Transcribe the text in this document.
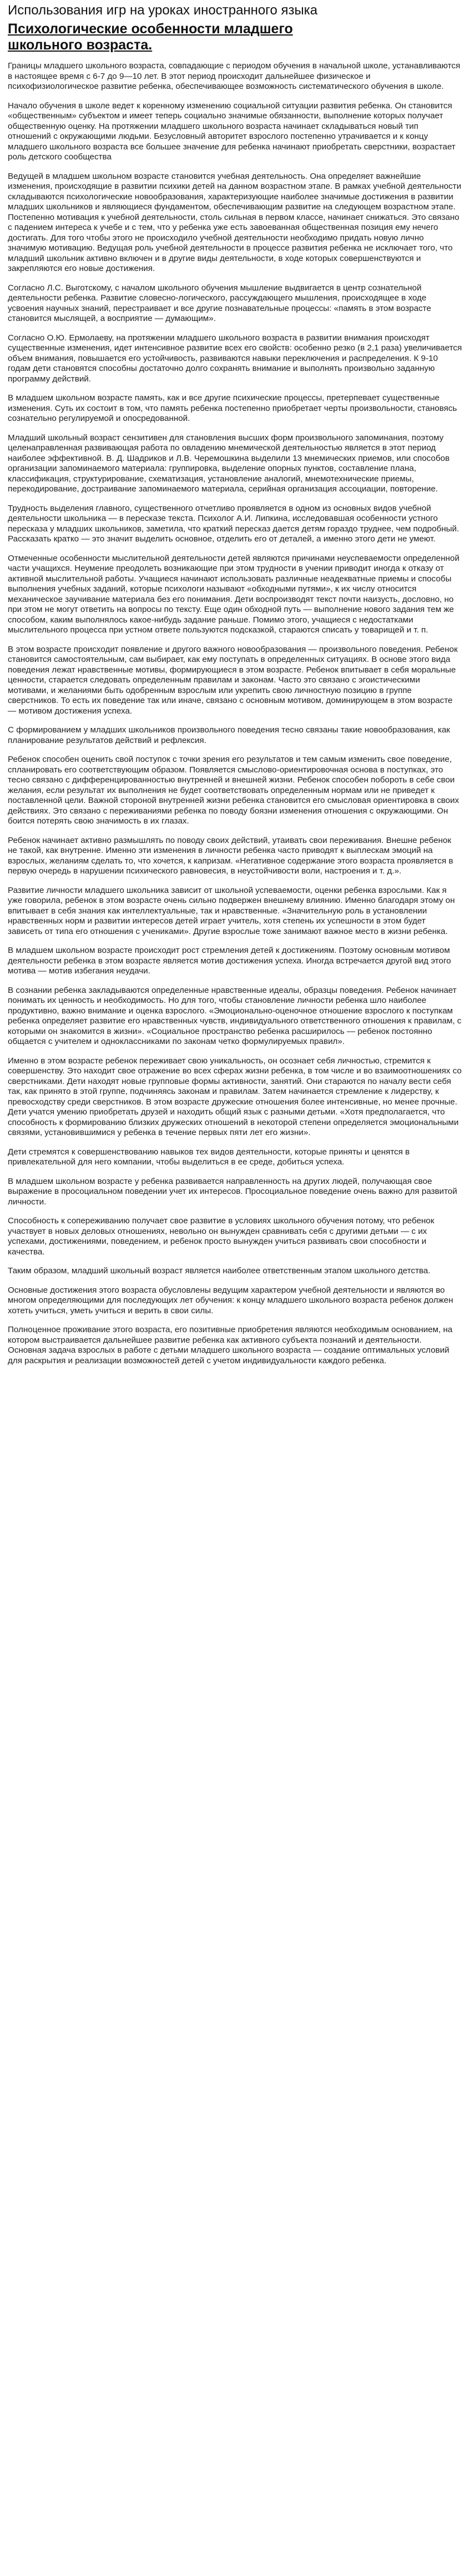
Использования игр на уроках иностранного языка
Психологические особенности младшего школьного возраста.

Границы младшего школьного возраста, совпадающие с периодом обучения в начальной школе, устанавливаются в настоящее время с 6-7 до 9—10 лет. В этот период происходит дальнейшее физическое и психофизиологическое развитие ребенка, обеспечивающее возможность систематического обучения в школе.

Начало обучения в школе ведет к коренному изменению социальной ситуации развития ребенка. Он становится «общественным» субъектом и имеет теперь социально значимые обязанности, выполнение которых получает общественную оценку. На протяжении младшего школьного возраста начинает складываться новый тип отношений с окружающими людьми. Безусловный авторитет взрослого постепенно утрачивается и к концу младшего школьного возраста все большее значение для ребенка начинают приобретать сверстники, возрастает роль детского сообщества

Ведущей в младшем школьном возрасте становится учебная деятельность. Она определяет важнейшие изменения, происходящие в развитии психики детей на данном возрастном этапе. В рамках учебной деятельности складываются психологические новообразования, характеризующие наиболее значимые достижения в развитии младших школьников и являющиеся фундаментом, обеспечивающим развитие на следующем возрастном этапе. Постепенно мотивация к учебной деятельности, столь сильная в первом классе, начинает снижаться. Это связано с падением интереса к учебе и с тем, что у ребенка уже есть завоеванная общественная позиция ему нечего достигать. Для того чтобы этого не происходило учебной деятельности необходимо придать новую лично значимую мотивацию. Ведущая роль учебной деятельности в процессе развития ребенка не исключает того, что младший школьник активно включен и в другие виды деятельности, в ходе которых совершенствуются и закрепляются его новые достижения.

Согласно Л.С. Выготскому, с началом школьного обучения мышление выдвигается в центр сознательной деятельности ребенка. Развитие словесно-логического, рассуждающего мышления, происходящее в ходе усвоения научных знаний, перестраивает и все другие познавательные процессы: «память в этом возрасте становится мыслящей, а восприятие — думающим».

Согласно О.Ю. Ермолаеву, на протяжении младшего школьного возраста в развитии внимания происходят существенные изменения, идет интенсивное развитие всех его свойств: особенно резко (в 2,1 раза) увеличивается объем внимания, повышается его устойчивость, развиваются навыки переключения и распределения. К 9-10 годам дети становятся способны достаточно долго сохранять внимание и выполнять произвольно заданную программу действий.

В младшем школьном возрасте память, как и все другие психические процессы, претерпевает существенные изменения. Суть их состоит в том, что память ребенка постепенно приобретает черты произвольности, становясь сознательно регулируемой и опосредованной.

Младший школьный возраст сензитивен для становления высших форм произвольного запоминания, поэтому целенаправленная развивающая работа по овладению мнемической деятельностью является в этот период наиболее эффективной. В. Д. Шадриков и Л.В. Черемошкина выделили 13 мнемических приемов, или способов организации запоминаемого материала: группировка, выделение опорных пунктов, составление плана, классификация, структурирование, схематизация, установление аналогий, мнемотехнические приемы, перекодирование, достраивание запоминаемого материала, серийная организация ассоциации, повторение.

Трудность выделения главного, существенного отчетливо проявляется в одном из основных видов учебной деятельности школьника — в пересказе текста. Психолог А.И. Липкина, исследовавшая особенности устного пересказа у младших школьников, заметила, что краткий пересказ дается детям гораздо труднее, чем подробный. Рассказать кратко — это значит выделить основное, отделить его от деталей, а именно этого дети не умеют.

Отмеченные особенности мыслительной деятельности детей являются причинами неуспеваемости определенной части учащихся. Неумение преодолеть возникающие при этом трудности в учении приводит иногда к отказу от активной мыслительной работы. Учащиеся начинают использовать различные неадекватные приемы и способы выполнения учебных заданий, которые психологи называют «обходными путями», к их числу относится механическое заучивание материала без его понимания. Дети воспроизводят текст почти наизусть, дословно, но при этом не могут ответить на вопросы по тексту. Еще один обходной путь — выполнение нового задания тем же способом, каким выполнялось какое-нибудь задание раньше. Помимо этого, учащиеся с недостатками мыслительного процесса при устном ответе пользуются подсказкой, стараются списать у товарищей и т. п.

В этом возрасте происходит появление и другого важного новообразования — произвольного поведения. Ребенок становится самостоятельным, сам выбирает, как ему поступать в определенных ситуациях. В основе этого вида поведения лежат нравственные мотивы, формирующиеся в этом возрасте. Ребенок впитывает в себя моральные ценности, старается следовать определенным правилам и законам. Часто это связано с эгоистическими мотивами, и желаниями быть одобренным взрослым или укрепить свою личностную позицию в группе сверстников. То есть их поведение так или иначе, связано с основным мотивом, доминирующем в этом возрасте — мотивом достижения успеха.

С формированием у младших школьников произвольного поведения тесно связаны такие новообразования, как планирование результатов действий и рефлексия.

Ребенок способен оценить свой поступок с точки зрения его результатов и тем самым изменить свое поведение, спланировать его соответствующим образом. Появляется смыслово-ориентировочная основа в поступках, это тесно связано с дифференцированностью внутренней и внешней жизни. Ребенок способен побороть в себе свои желания, если результат их выполнения не будет соответствовать определенным нормам или не приведет к поставленной цели. Важной стороной внутренней жизни ребенка становится его смысловая ориентировка в своих действиях. Это связано с переживаниями ребенка по поводу боязни изменения отношения с окружающими. Он боится потерять свою значимость в их глазах.

Ребенок начинает активно размышлять по поводу своих действий, утаивать свои переживания. Внешне ребенок не такой, как внутренне. Именно эти изменения в личности ребенка часто приводят к выплескам эмоций на взрослых, желаниям сделать то, что хочется, к капризам. «Негативное содержание этого возраста проявляется в первую очередь в нарушении психического равновесия, в неустойчивости воли, настроения и т. д.».

Развитие личности младшего школьника зависит от школьной успеваемости, оценки ребенка взрослыми. Как я уже говорила, ребенок в этом возрасте очень сильно подвержен внешнему влиянию. Именно благодаря этому он впитывает в себя знания как интеллектуальные, так и нравственные. «Значительную роль в установлении нравственных норм и развитии интересов детей играет учитель, хотя степень их успешности в этом будет зависеть от типа его отношения с учениками». Другие взрослые тоже занимают важное место в жизни ребенка.

В младшем школьном возрасте происходит рост стремления детей к достижениям. Поэтому основным мотивом деятельности ребенка в этом возрасте является мотив достижения успеха. Иногда встречается другой вид этого мотива — мотив избегания неудачи.

В сознании ребенка закладываются определенные нравственные идеалы, образцы поведения. Ребенок начинает понимать их ценность и необходимость. Но для того, чтобы становление личности ребенка шло наиболее продуктивно, важно внимание и оценка взрослого. «Эмоционально-оценочное отношение взрослого к поступкам ребенка определяет развитие его нравственных чувств, индивидуального ответственного отношения к правилам, с которыми он знакомится в жизни». «Социальное пространство ребенка расширилось — ребенок постоянно общается с учителем и одноклассниками по законам четко формулируемых правил».

Именно в этом возрасте ребенок переживает свою уникальность, он осознает себя личностью, стремится к совершенству. Это находит свое отражение во всех сферах жизни ребенка, в том числе и во взаимоотношениях со сверстниками. Дети находят новые групповые формы активности, занятий. Они стараются по началу вести себя так, как принято в этой группе, подчиняясь законам и правилам. Затем начинается стремление к лидерству, к превосходству среди сверстников. В этом возрасте дружеские отношения более интенсивные, но менее прочные. Дети учатся умению приобретать друзей и находить общий язык с разными детьми. «Хотя предполагается, что способность к формированию близких дружеских отношений в некоторой степени определяется эмоциональными связями, установившимися у ребенка в течение первых пяти лет его жизни».

Дети стремятся к совершенствованию навыков тех видов деятельности, которые приняты и ценятся в привлекательной для него компании, чтобы выделиться в ее среде, добиться успеха.

В младшем школьном возрасте у ребенка развивается направленность на других людей, получающая свое выражение в просоциальном поведении учет их интересов. Просоциальное поведение очень важно для развитой личности.

Способность к сопереживанию получает свое развитие в условиях школьного обучения потому, что ребенок участвует в новых деловых отношениях, невольно он вынужден сравнивать себя с другими детьми — с их успехами, достижениями, поведением, и ребенок просто вынужден учиться развивать свои способности и качества.

Таким образом, младший школьный возраст является наиболее ответственным этапом школьного детства.

Основные достижения этого возраста обусловлены ведущим характером учебной деятельности и являются во многом определяющими для последующих лет обучения: к концу младшего школьного возраста ребенок должен хотеть учиться, уметь учиться и верить в свои силы.

Полноценное проживание этого возраста, его позитивные приобретения являются необходимым основанием, на котором выстраивается дальнейшее развитие ребенка как активного субъекта познаний и деятельности. Основная задача взрослых в работе с детьми младшего школьного возраста — создание оптимальных условий для раскрытия и реализации возможностей детей с учетом индивидуальности каждого ребенка.
